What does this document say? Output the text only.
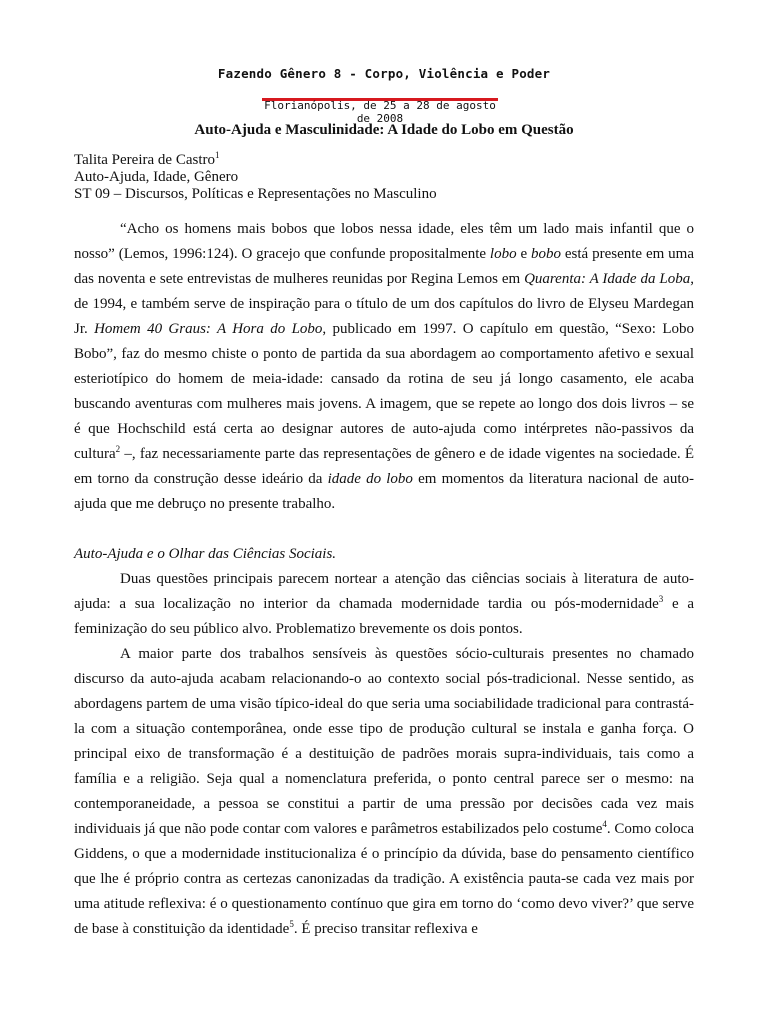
Fazendo Gênero 8 - Corpo, Violência e Poder
Florianópolis, de 25 a 28 de agosto de 2008
Auto-Ajuda e Masculinidade: A Idade do Lobo em Questão
Talita Pereira de Castro$^1$
Auto-Ajuda, Idade, Gênero
ST 09 – Discursos, Políticas e Representações no Masculino

“Acho os homens mais bobos que lobos nessa idade, eles têm um lado mais infantil que o nosso” (Lemos, 1996:124). O gracejo que confunde propositalmente lobo e bobo está presente em uma das noventa e sete entrevistas de mulheres reunidas por Regina Lemos em Quarenta: A Idade da Loba, de 1994, e também serve de inspiração para o título de um dos capítulos do livro de Elyseu Mardegan Jr. Homem 40 Graus: A Hora do Lobo, publicado em 1997. O capítulo em questão, “Sexo: Lobo Bobo”, faz do mesmo chiste o ponto de partida da sua abordagem ao comportamento afetivo e sexual esteriotípico do homem de meia-idade: cansado da rotina de seu já longo casamento, ele acaba buscando aventuras com mulheres mais jovens. A imagem, que se repete ao longo dos dois livros – se é que Hochschild está certa ao designar autores de auto-ajuda como intérpretes não-passivos da cultura$^2$ –, faz necessariamente parte das representações de gênero e de idade vigentes na sociedade. É em torno da construção desse ideário da idade do lobo em momentos da literatura nacional de auto-ajuda que me debruço no presente trabalho.

Auto-Ajuda e o Olhar das Ciências Sociais.

Duas questões principais parecem nortear a atenção das ciências sociais à literatura de auto-ajuda: a sua localização no interior da chamada modernidade tardia ou pós-modernidade$^3$ e a feminização do seu público alvo. Problematizo brevemente os dois pontos.

A maior parte dos trabalhos sensíveis às questões sócio-culturais presentes no chamado discurso da auto-ajuda acabam relacionando-o ao contexto social pós-tradicional. Nesse sentido, as abordagens partem de uma visão típico-ideal do que seria uma sociabilidade tradicional para contrastá-la com a situação contemporânea, onde esse tipo de produção cultural se instala e ganha força. O principal eixo de transformação é a destituição de padrões morais supra-individuais, tais como a família e a religião. Seja qual a nomenclatura preferida, o ponto central parece ser o mesmo: na contemporaneidade, a pessoa se constitui a partir de uma pressão por decisões cada vez mais individuais já que não pode contar com valores e parâmetros estabilizados pelo costume$^4$. Como coloca Giddens, o que a modernidade institucionaliza é o princípio da dúvida, base do pensamento científico que lhe é próprio contra as certezas canonizadas da tradição. A existência pauta-se cada vez mais por uma atitude reflexiva: é o questionamento contínuo que gira em torno do ‘como devo viver?’ que serve de base à constituição da identidade$^5$. É preciso transitar reflexiva e
